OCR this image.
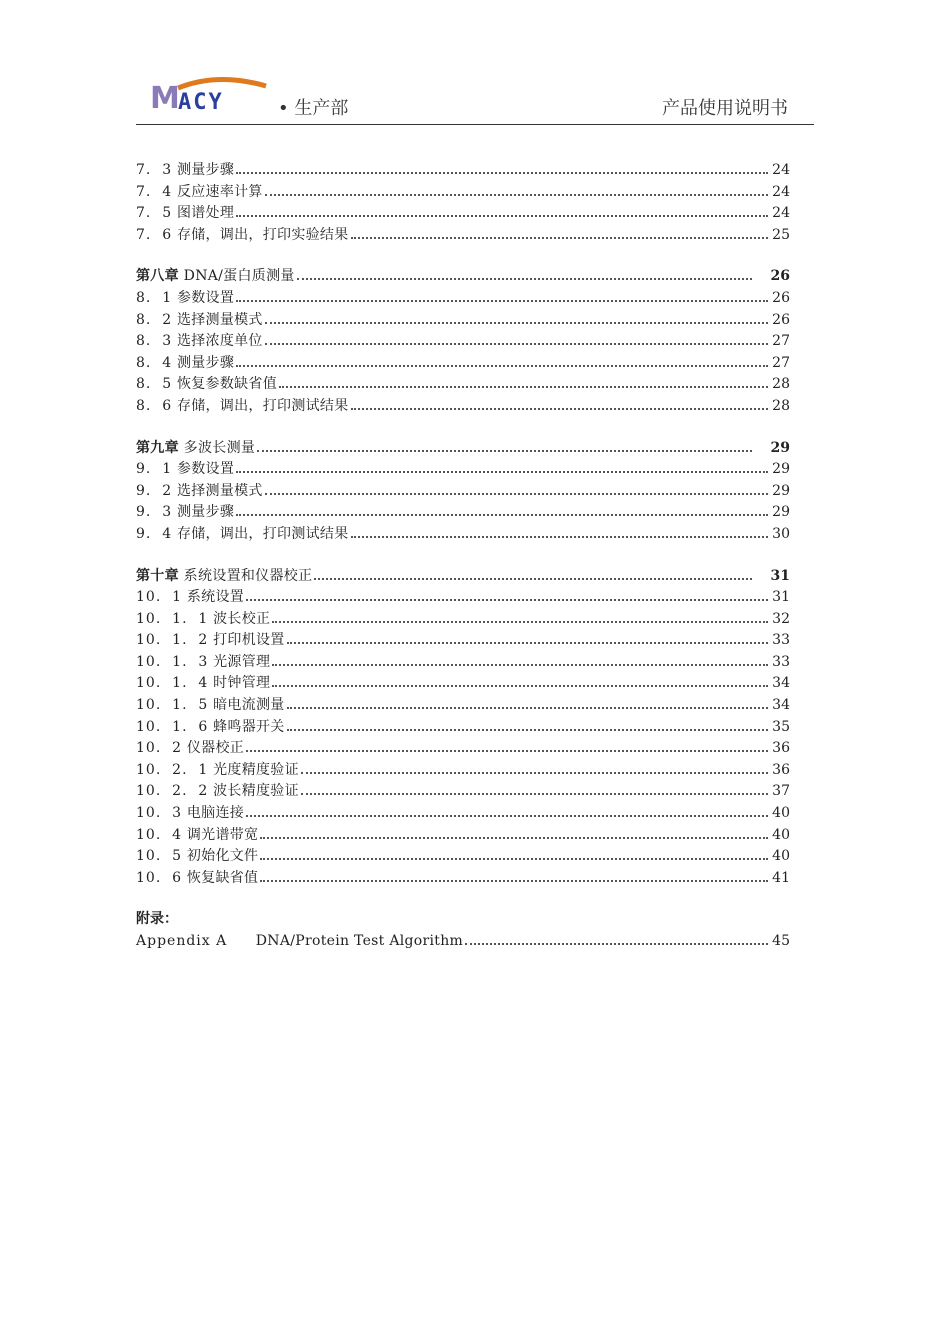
M
ACY	• 生产部	产品使用说明书
7.  3 测量步骤	24
7.  4 反应速率计算	24
7.  5 图谱处理	24
7.  6 存储，调出，打印实验结果	25
第八章 DNA/蛋白质测量	26
8.  1 参数设置	26
8.  2 选择测量模式	26
8.  3 选择浓度单位	27
8.  4 测量步骤	27
8.  5 恢复参数缺省值	28
8.  6 存储，调出，打印测试结果	28
第九章 多波长测量	29
9.  1 参数设置	29
9.  2 选择测量模式	29
9.  3 测量步骤	29
9.  4 存储，调出，打印测试结果	30
第十章 系统设置和仪器校正	31
10.  1 系统设置	31
10.  1.  1 波长校正	32
10.  1.  2 打印机设置	33
10.  1.  3 光源管理	33
10.  1.  4 时钟管理	34
10.  1.  5 暗电流测量	34
10.  1.  6 蜂鸣器开关	35
10.  2 仪器校正	36
10.  2.  1 光度精度验证	36
10.  2.  2 波长精度验证	37
10.  3 电脑连接	40
10.  4 调光谱带宽	40
10.  5 初始化文件	40
10.  6 恢复缺省值	41
附录：
Appendix A DNA/Protein Test Algorithm	45
